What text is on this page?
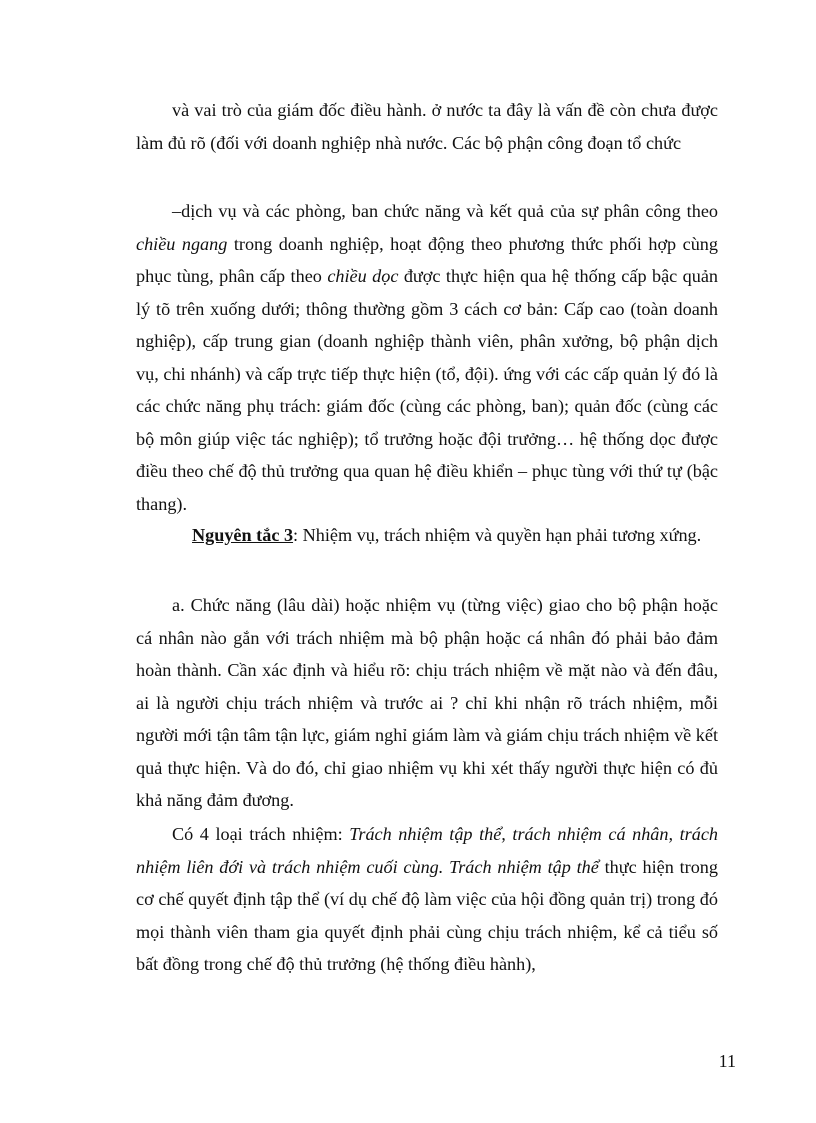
và vai trò của giám đốc điều hành. ở nước ta đây là vấn đề còn chưa được làm đủ rõ (đối với doanh nghiệp nhà nước. Các bộ phận công đoạn tổ chức

–dịch vụ và các phòng, ban chức năng và kết quả của sự phân công theo chiều ngang trong doanh nghiệp, hoạt động theo phương thức phối hợp cùng phục tùng, phân cấp theo chiều dọc được thực hiện qua hệ thống cấp bậc quản lý tõ trên xuống dưới; thông thường gồm 3 cách cơ bản: Cấp cao (toàn doanh nghiệp), cấp trung gian (doanh nghiệp thành viên, phân xưởng, bộ phận dịch vụ, chi nhánh) và cấp trực tiếp thực hiện (tổ, đội). ứng với các cấp quản lý đó là các chức năng phụ trách: giám đốc (cùng các phòng, ban); quản đốc (cùng các bộ môn giúp việc tác nghiệp); tổ trưởng hoặc đội trưởng… hệ thống dọc được điều theo chế độ thủ trưởng qua quan hệ điều khiển – phục tùng với thứ tự (bậc thang).

Nguyên tắc 3: Nhiệm vụ, trách nhiệm và quyền hạn phải tương xứng.

a. Chức năng (lâu dài) hoặc nhiệm vụ (từng việc) giao cho bộ phận hoặc cá nhân nào gắn với trách nhiệm mà bộ phận hoặc cá nhân đó phải bảo đảm hoàn thành. Cần xác định và hiểu rõ: chịu trách nhiệm về mặt nào và đến đâu, ai là người chịu trách nhiệm và trước ai ? chỉ khi nhận rõ trách nhiệm, mỗi người mới tận tâm tận lực, giám nghỉ giám làm và giám chịu trách nhiệm về kết quả thực hiện. Và do đó, chỉ giao nhiệm vụ khi xét thấy người thực hiện có đủ khả năng đảm đương.

Có 4 loại trách nhiệm: Trách nhiệm tập thể, trách nhiệm cá nhân, trách nhiệm liên đới và trách nhiệm cuối cùng. Trách nhiệm tập thể thực hiện trong cơ chế quyết định tập thể (ví dụ chế độ làm việc của hội đồng quản trị) trong đó mọi thành viên tham gia quyết định phải cùng chịu trách nhiệm, kể cả tiểu số bất đồng trong chế độ thủ trưởng (hệ thống điều hành),

11
